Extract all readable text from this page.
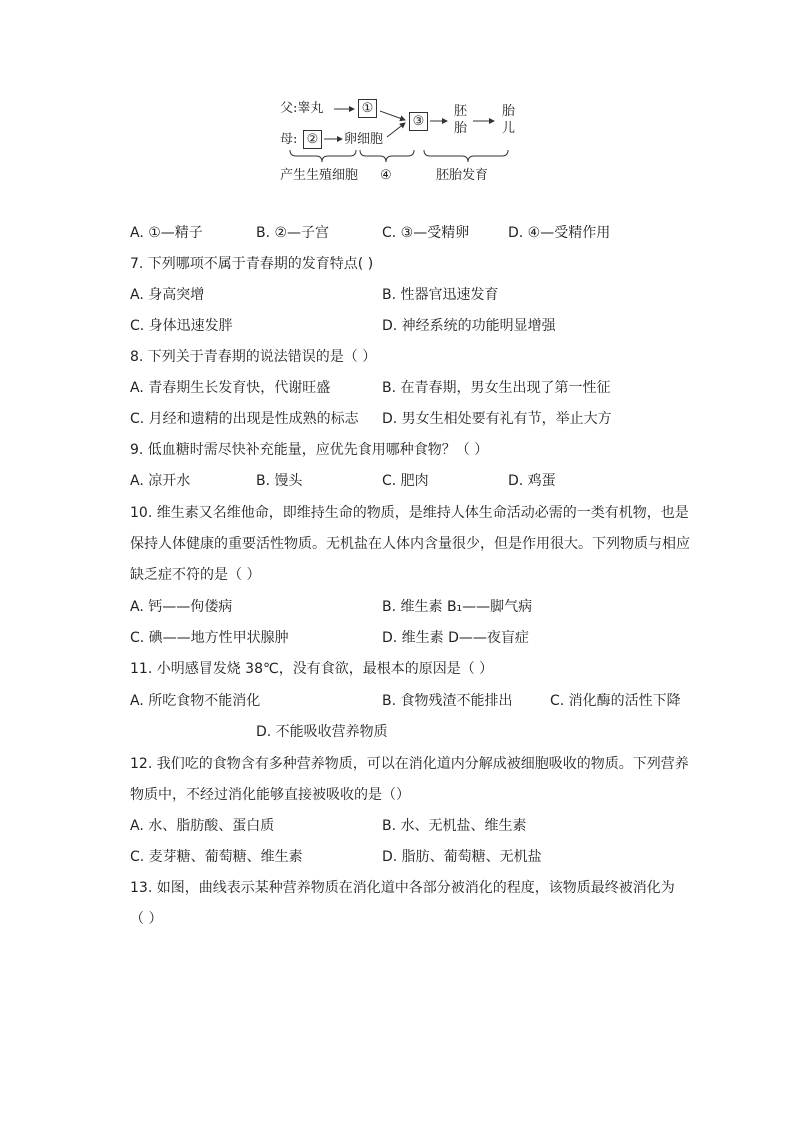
父:睾丸	①
母: ② 卵细胞
③
胚
胎
胎
儿
产生生殖细胞 ④	胚胎发育
A. ①—精子	B. ②—子宫	C. ③—受精卵	D. ④—受精作用
7. 下列哪项不属于青春期的发育特点( )
A. 身高突增	B. 性器官迅速发育
C. 身体迅速发胖	D. 神经系统的功能明显增强
8. 下列关于青春期的说法错误的是（ ）
A. 青春期生长发育快，代谢旺盛	B. 在青春期，男女生出现了第一性征
C. 月经和遗精的出现是性成熟的标志 D. 男女生相处要有礼有节，举止大方
9. 低血糖时需尽快补充能量，应优先食用哪种食物？（ ）
A. 凉开水	B. 馒头	C. 肥肉	D. 鸡蛋
10. 维生素又名维他命，即维持生命的物质，是维持人体生命活动必需的一类有机物，也是
保持人体健康的重要活性物质。无机盐在人体内含量很少，但是作用很大。下列物质与相应
缺乏症不符的是（ ）
A. 钙——佝偻病	B. 维生素 B₁——脚气病
C. 碘——地方性甲状腺肿	D. 维生素 D——夜盲症
11. 小明感冒发烧 38℃，没有食欲，最根本的原因是（ ）
A. 所吃食物不能消化	B. 食物残渣不能排出	C. 消化酶的活性下降
D. 不能吸收营养物质
12. 我们吃的食物含有多种营养物质，可以在消化道内分解成被细胞吸收的物质。下列营养
物质中，不经过消化能够直接被吸收的是（）
A. 水、脂肪酸、蛋白质	B. 水、无机盐、维生素
C. 麦芽糖、葡萄糖、维生素	D. 脂肪、葡萄糖、无机盐
13. 如图，曲线表示某种营养物质在消化道中各部分被消化的程度，该物质最终被消化为
（ ）
